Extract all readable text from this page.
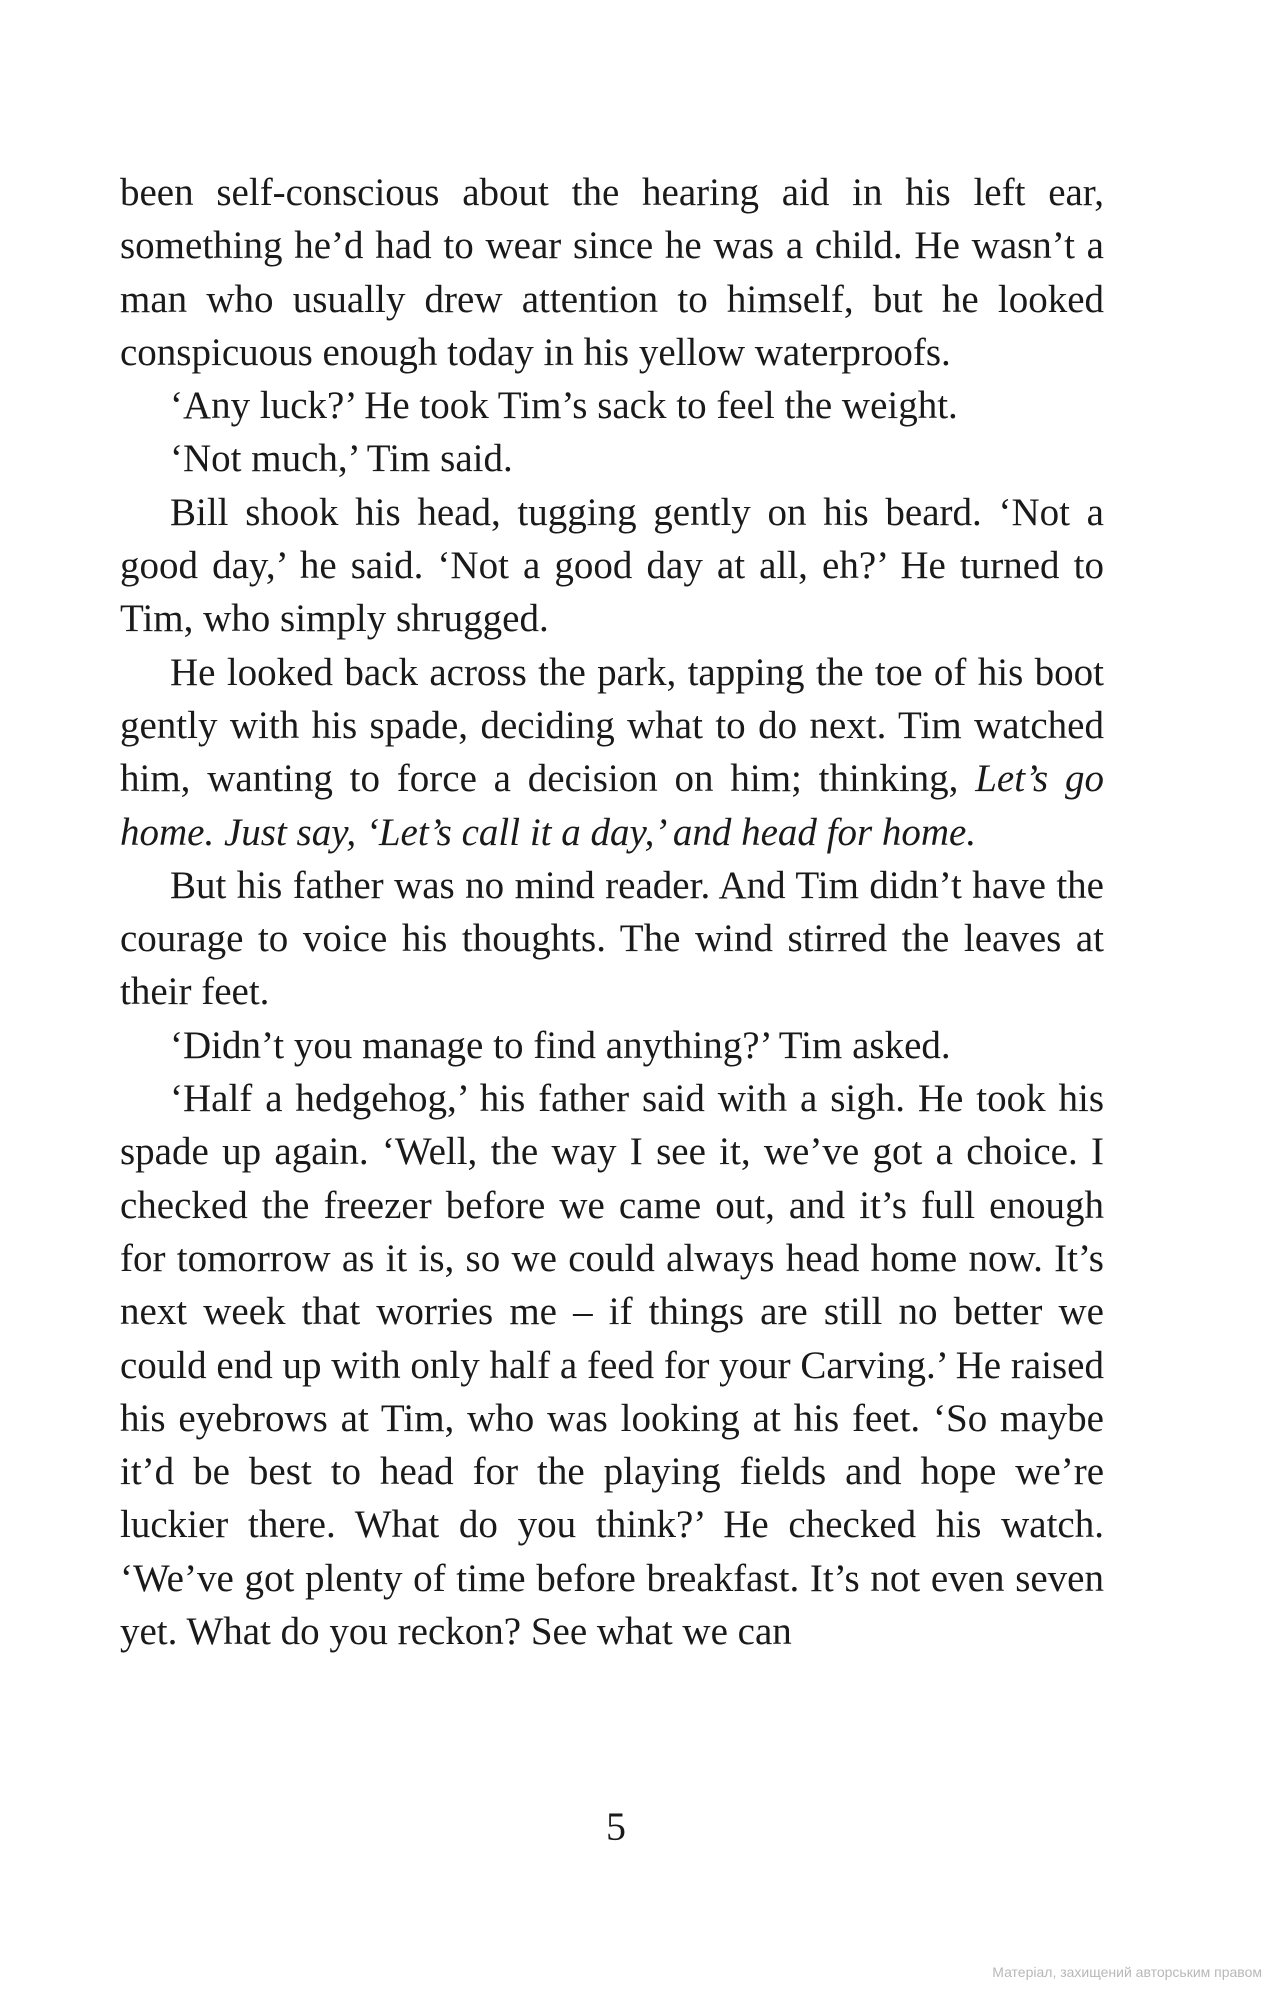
been self-conscious about the hearing aid in his left ear, something he’d had to wear since he was a child. He wasn’t a man who usually drew attention to himself, but he looked conspicuous enough today in his yellow waterproofs.

‘Any luck?’ He took Tim’s sack to feel the weight.

‘Not much,’ Tim said.

Bill shook his head, tugging gently on his beard. ‘Not a good day,’ he said. ‘Not a good day at all, eh?’ He turned to Tim, who simply shrugged.

He looked back across the park, tapping the toe of his boot gently with his spade, deciding what to do next. Tim watched him, wanting to force a decision on him; thinking, Let’s go home. Just say, ‘Let’s call it a day,’ and head for home.

But his father was no mind reader. And Tim didn’t have the courage to voice his thoughts. The wind stirred the leaves at their feet.

‘Didn’t you manage to find anything?’ Tim asked.

‘Half a hedgehog,’ his father said with a sigh. He took his spade up again. ‘Well, the way I see it, we’ve got a choice. I checked the freezer before we came out, and it’s full enough for tomorrow as it is, so we could always head home now. It’s next week that worries me – if things are still no better we could end up with only half a feed for your Carving.’ He raised his eyebrows at Tim, who was looking at his feet. ‘So maybe it’d be best to head for the playing fields and hope we’re luckier there. What do you think?’ He checked his watch. ‘We’ve got plenty of time before breakfast. It’s not even seven yet. What do you reckon? See what we can

5
Матеріал, захищений авторським правом
